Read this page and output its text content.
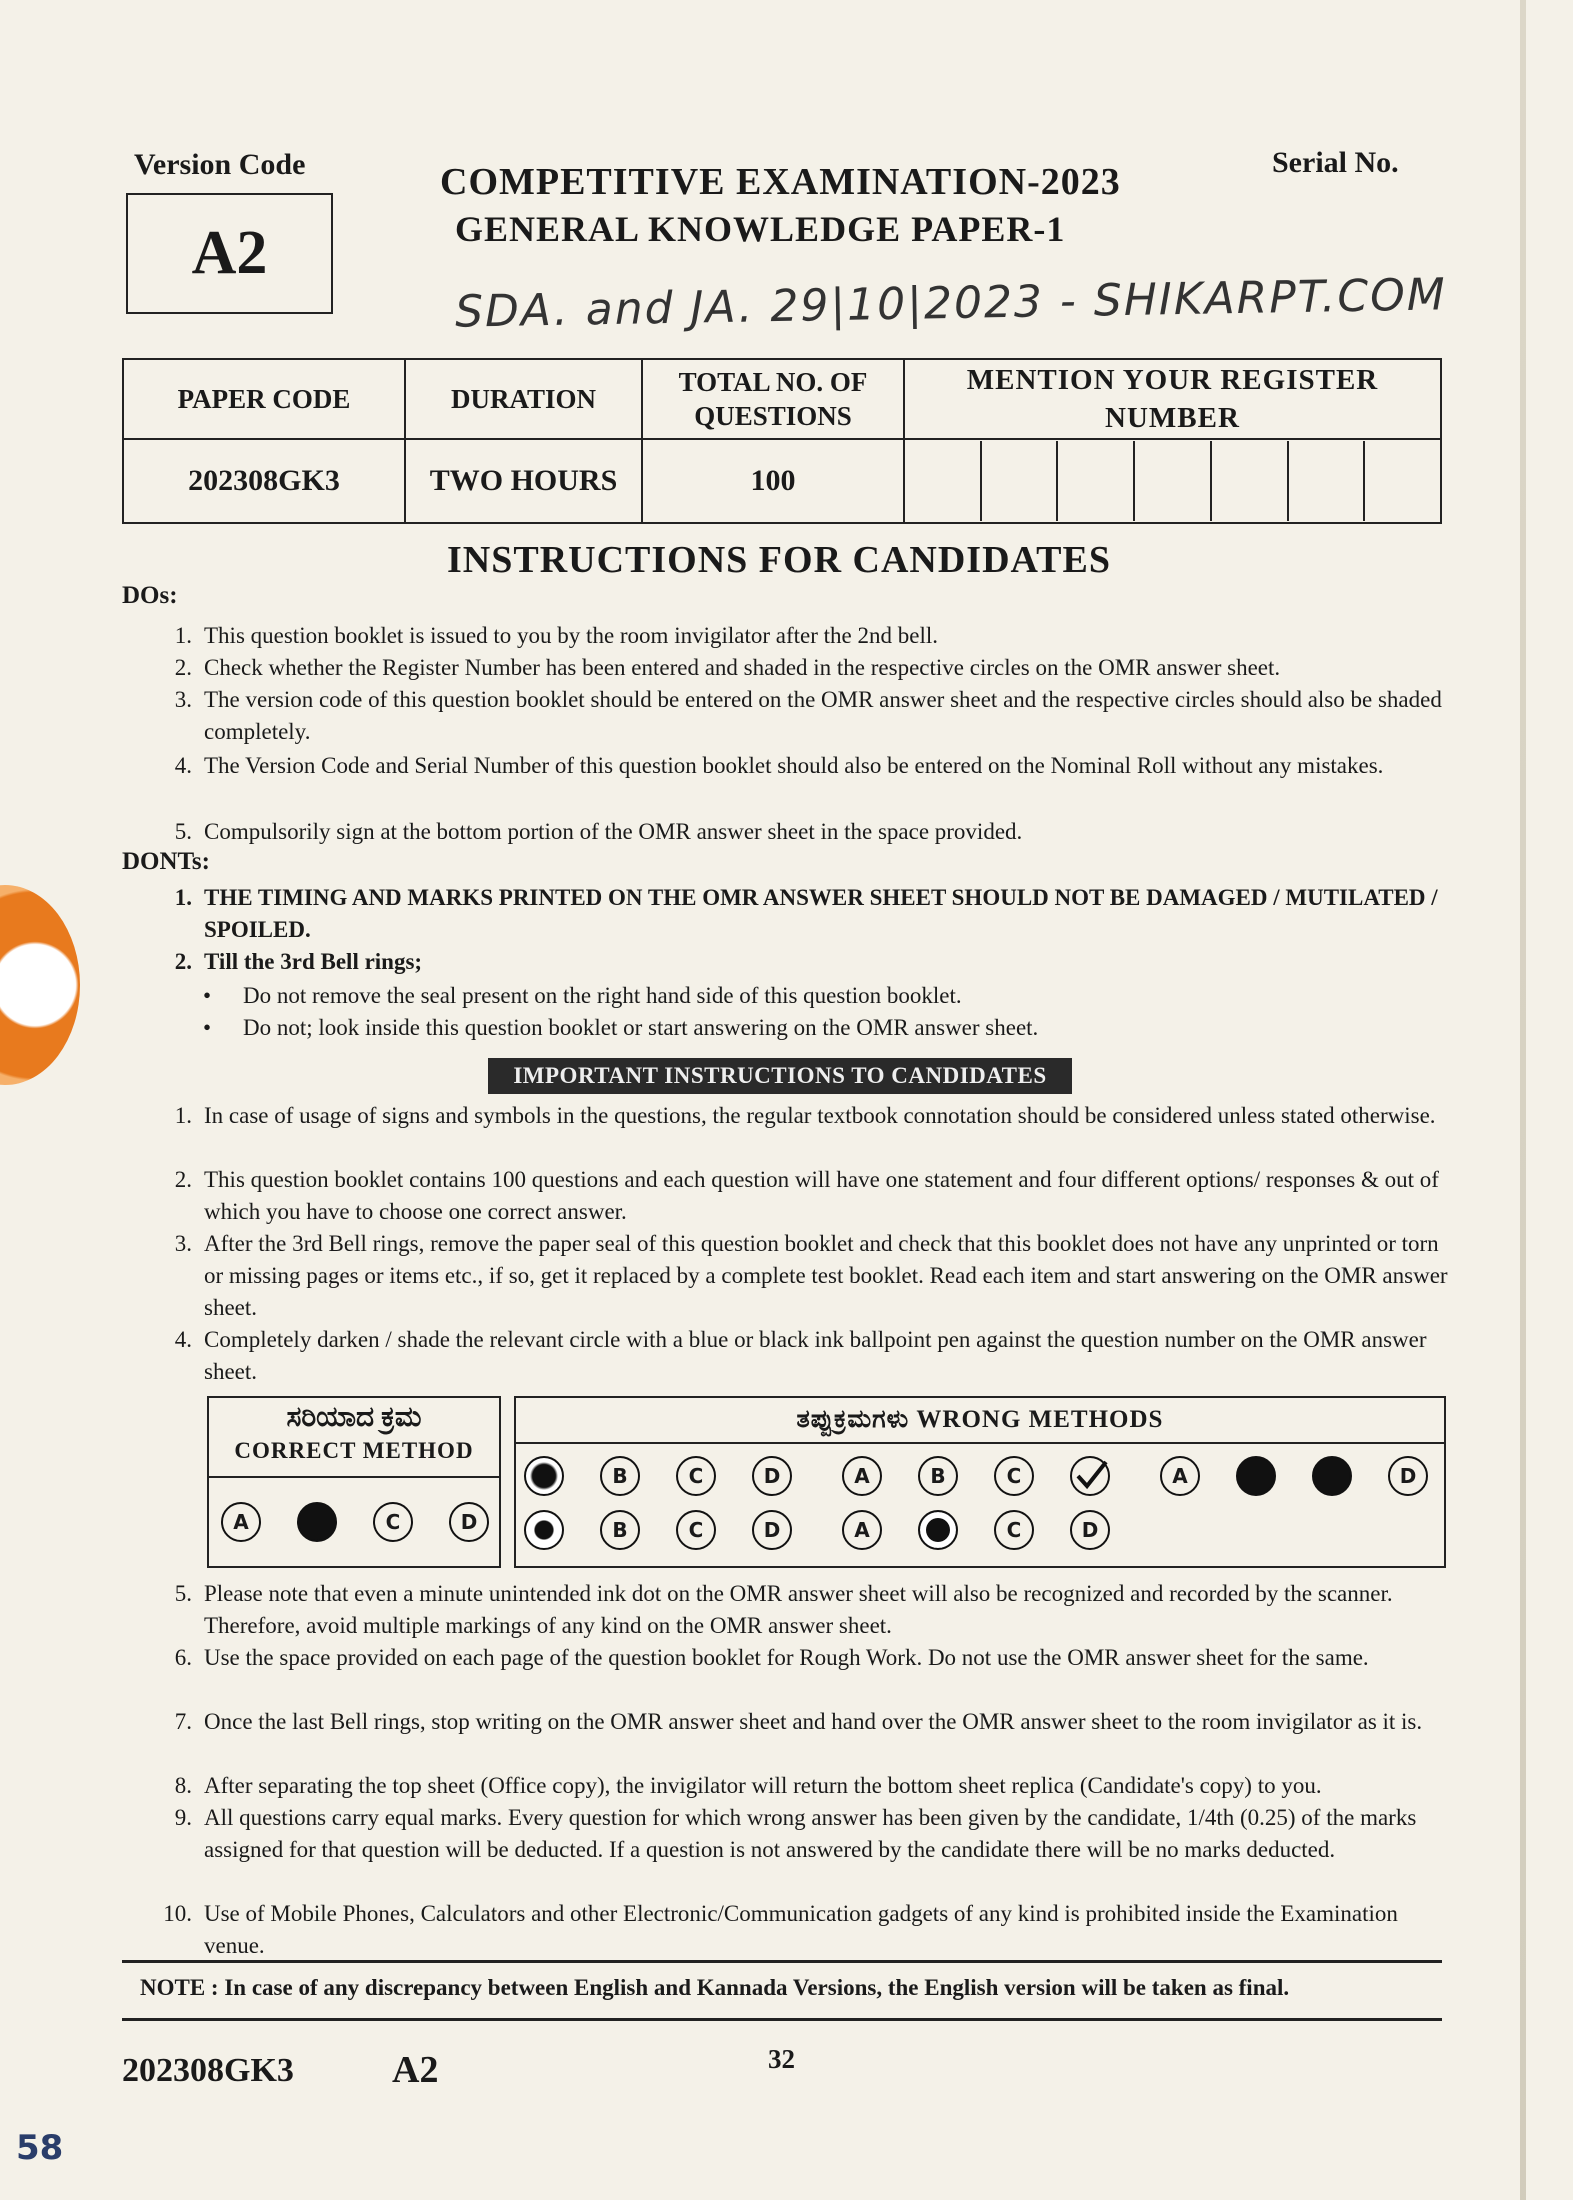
Version Code
A2
COMPETITIVE EXAMINATION-2023
GENERAL KNOWLEDGE PAPER-1
Serial No.
SDA. and JA. 29|10|2023 - SHIKARPT.COM
PAPER CODE	DURATION	TOTAL NO. OF QUESTIONS	MENTION YOUR REGISTER NUMBER
202308GK3	TWO HOURS	100	
INSTRUCTIONS FOR CANDIDATES
DOs:
1. This question booklet is issued to you by the room invigilator after the 2nd bell.
2. Check whether the Register Number has been entered and shaded in the respective circles on the OMR answer sheet.
3. The version code of this question booklet should be entered on the OMR answer sheet and the respective circles should also be shaded completely.
4. The Version Code and Serial Number of this question booklet should also be entered on the Nominal Roll without any mistakes.
5. Compulsorily sign at the bottom portion of the OMR answer sheet in the space provided.
DONTs:
1. THE TIMING AND MARKS PRINTED ON THE OMR ANSWER SHEET SHOULD NOT BE DAMAGED / MUTILATED / SPOILED.
2. Till the 3rd Bell rings;
• Do not remove the seal present on the right hand side of this question booklet.
• Do not; look inside this question booklet or start answering on the OMR answer sheet.
IMPORTANT INSTRUCTIONS TO CANDIDATES
1. In case of usage of signs and symbols in the questions, the regular textbook connotation should be considered unless stated otherwise.
2. This question booklet contains 100 questions and each question will have one statement and four different options/ responses & out of which you have to choose one correct answer.
3. After the 3rd Bell rings, remove the paper seal of this question booklet and check that this booklet does not have any unprinted or torn or missing pages or items etc., if so, get it replaced by a complete test booklet. Read each item and start answering on the OMR answer sheet.
4. Completely darken / shade the relevant circle with a blue or black ink ballpoint pen against the question number on the OMR answer sheet.
ಸರಿಯಾದ ಕ್ರಮ
CORRECT METHOD
A	C	D
ತಪ್ಪುಕ್ರಮಗಳು WRONG METHODS
B	C	D	A	B	C	A	D
B	C	D	A	C	D
5. Please note that even a minute unintended ink dot on the OMR answer sheet will also be recognized and recorded by the scanner. Therefore, avoid multiple markings of any kind on the OMR answer sheet.
6. Use the space provided on each page of the question booklet for Rough Work. Do not use the OMR answer sheet for the same.
7. Once the last Bell rings, stop writing on the OMR answer sheet and hand over the OMR answer sheet to the room invigilator as it is.
8. After separating the top sheet (Office copy), the invigilator will return the bottom sheet replica (Candidate's copy) to you.
9. All questions carry equal marks. Every question for which wrong answer has been given by the candidate, 1/4th (0.25) of the marks assigned for that question will be deducted. If a question is not answered by the candidate there will be no marks deducted.
10. Use of Mobile Phones, Calculators and other Electronic/Communication gadgets of any kind is prohibited inside the Examination venue.
NOTE : In case of any discrepancy between English and Kannada Versions, the English version will be taken as final.
202308GK3	A2	32
58
